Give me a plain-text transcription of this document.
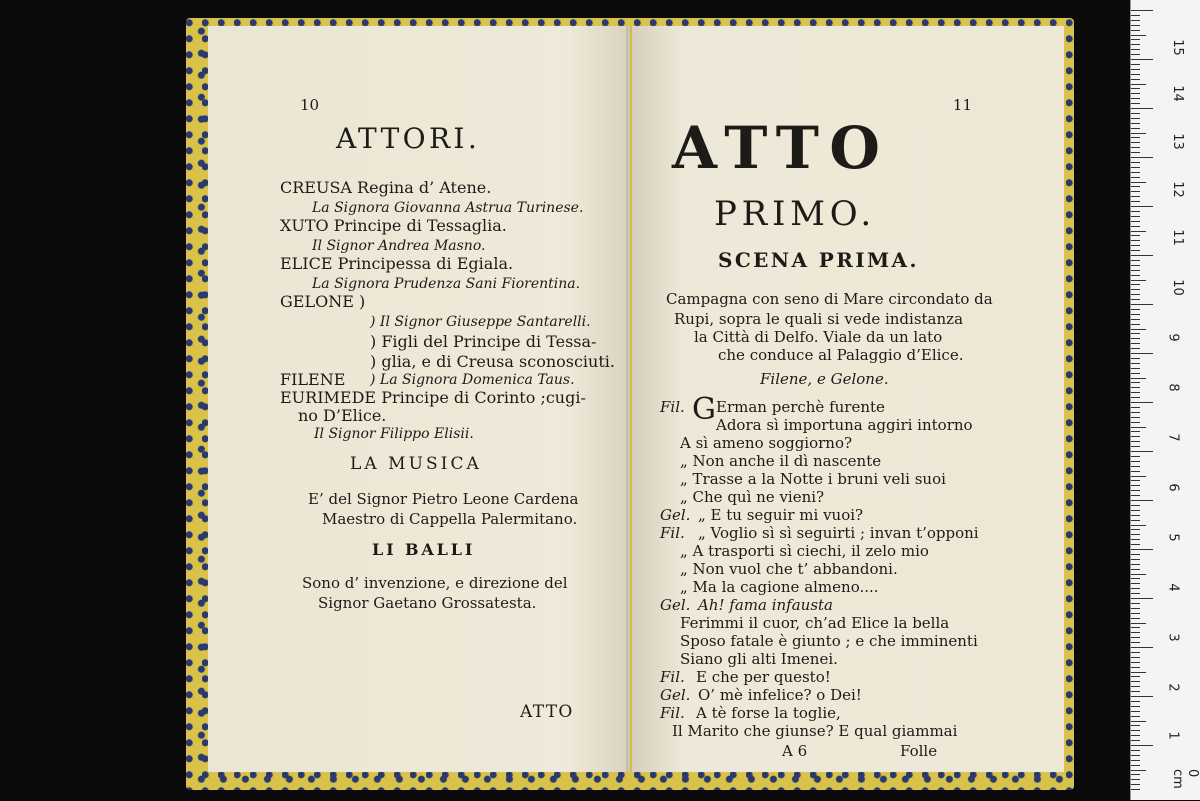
10
ATTORI.
CREUSA Regina d’ Atene.
La Signora Giovanna Astrua Turinese.
XUTO Principe di Tessaglia.
Il Signor Andrea Masno.
ELICE Principessa di Egiala.
La Signora Prudenza Sani Fiorentina.
GELONE )
) Il Signor Giuseppe Santarelli.
) Figli del Principe di Tessa-
) glia, e di Creusa sconosciuti.
FILENE ) La Signora Domenica Taus.
EURIMEDE Principe di Corinto ;cugi-
no D’Elice.
Il Signor Filippo Elisii.
LA MUSICA
E’ del Signor Pietro Leone Cardena
Maestro di Cappella Palermitano.
LI BALLI
Sono d’ invenzione, e direzione del
Signor Gaetano Grossatesta.
ATTO
11
ATTO
PRIMO.
SCENA PRIMA.
Campagna con seno di Mare circondato da
Rupi, sopra le quali si vede indistanza
la Città di Delfo. Viale da un lato
che conduce al Palaggio d’Elice.
Filene, e Gelone.
Fil. G Erman perchè furente
Adora sì importuna aggiri intorno
A sì ameno soggiorno?
„ Non anche il dì nascente
„ Trasse a la Notte i bruni veli suoi
„ Che quì ne vieni?
Gel. „ E tu seguir mi vuoi?
Fil. „ Voglio sì sì seguirti ; invan t’opponi
„ A trasporti sì ciechi, il zelo mio
„ Non vuol che t’ abbandoni.
„ Ma la cagione almeno....
Gel. Ah! fama infausta
Ferimmi il cuor, ch’ad Elice la bella
Sposo fatale è giunto ; e che imminenti
Siano gli alti Imenei.
Fil. E che per questo!
Gel. O’ mè infelice? o Dei!
Fil. A tè forse la toglie,
Il Marito che giunse? E qual giammai
A 6	Folle
15
14
13
12
11
10
9
8
7
6
5
4
3
2
1
0 cm
